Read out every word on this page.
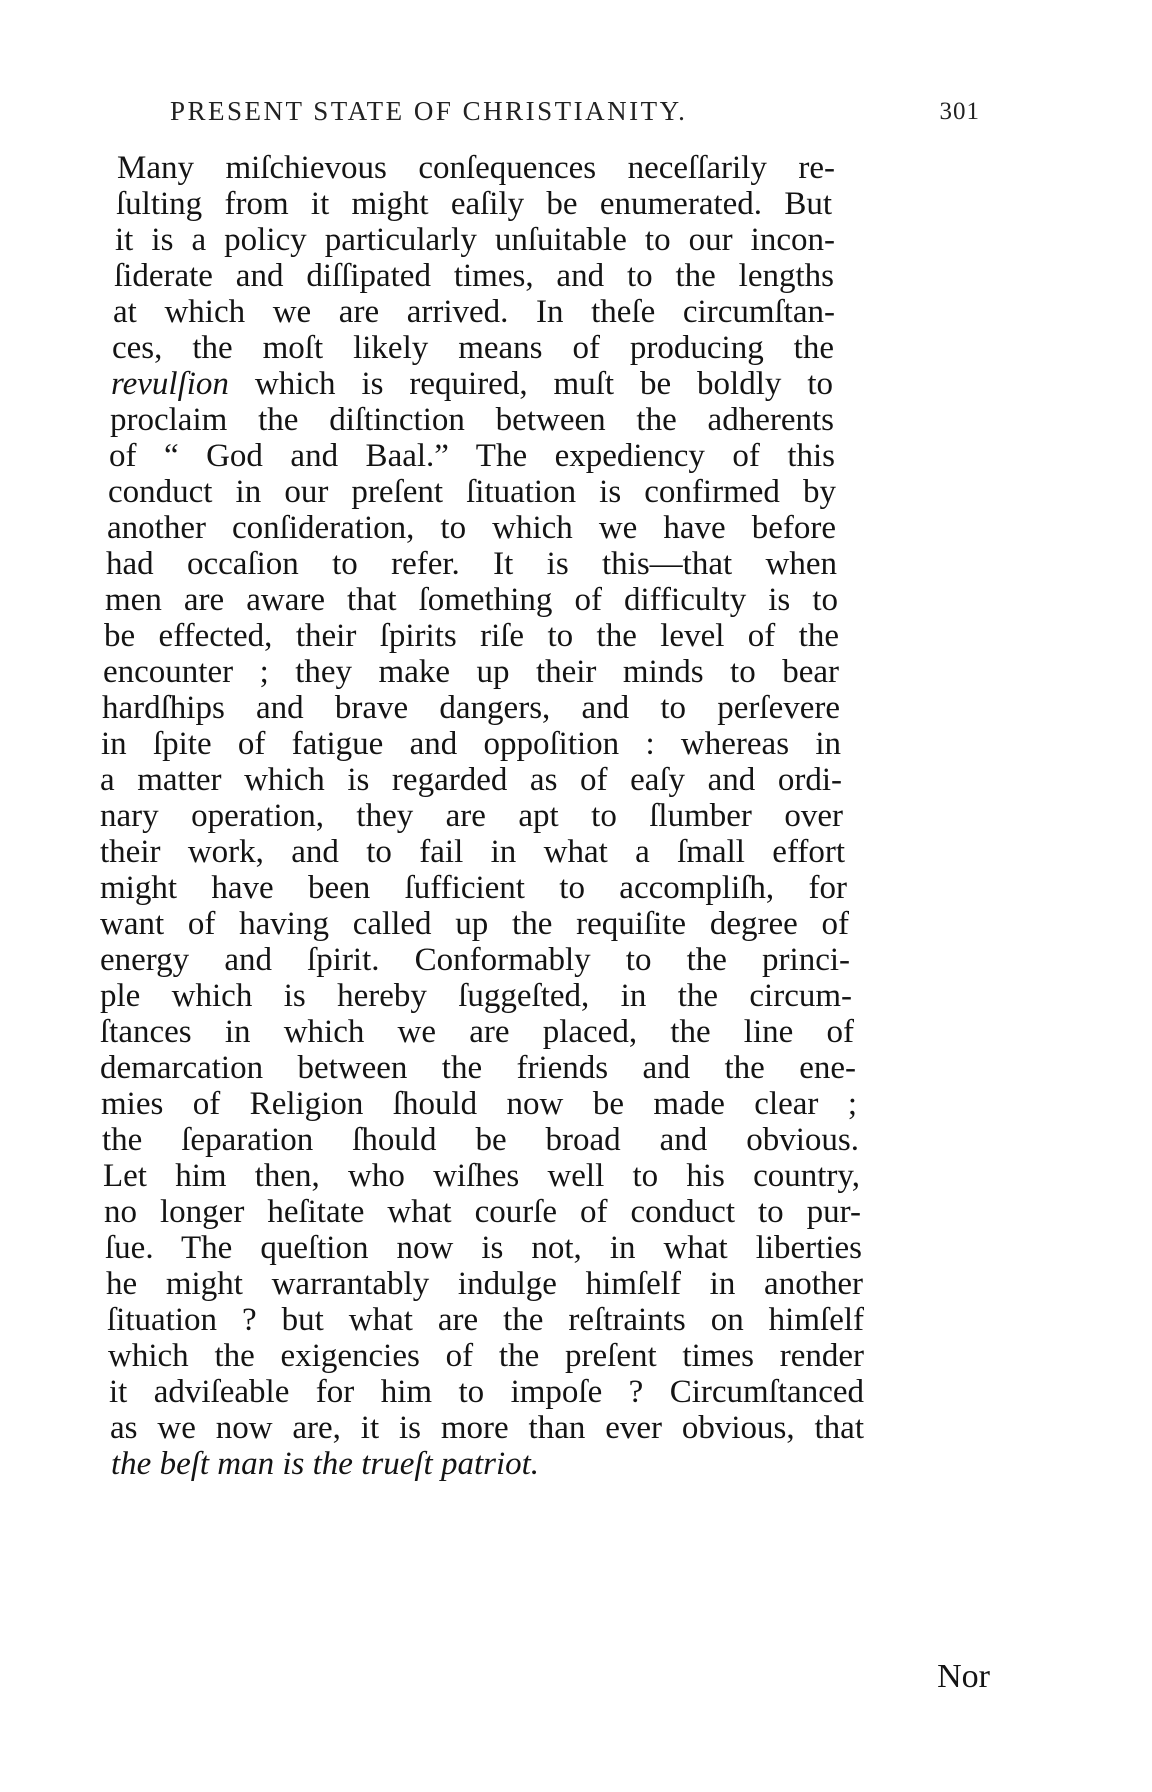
PRESENT STATE OF CHRISTIANITY.	301
Many miſchievous conſequences neceſſarily re-
ſulting from it might eaſily be enumerated. But
it is a policy particularly unſuitable to our incon-
ſiderate and diſſipated times, and to the lengths
at which we are arrived. In theſe circumſtan-
ces, the moſt likely means of producing the
revulſion which is required, muſt be boldly to
proclaim the diſtinction between the adherents
of “ God and Baal.” The expediency of this
conduct in our preſent ſituation is confirmed by
another conſideration, to which we have before
had occaſion to refer. It is this—that when
men are aware that ſomething of difficulty is to
be effected, their ſpirits riſe to the level of the
encounter ; they make up their minds to bear
hardſhips and brave dangers, and to perſevere
in ſpite of fatigue and oppoſition : whereas in
a matter which is regarded as of eaſy and ordi-
nary operation, they are apt to ſlumber over
their work, and to fail in what a ſmall effort
might have been ſufficient to accompliſh, for
want of having called up the requiſite degree of
energy and ſpirit. Conformably to the princi-
ple which is hereby ſuggeſted, in the circum-
ſtances in which we are placed, the line of
demarcation between the friends and the ene-
mies of Religion ſhould now be made clear ;
the ſeparation ſhould be broad and obvious.
Let him then, who wiſhes well to his country,
no longer heſitate what courſe of conduct to pur-
ſue. The queſtion now is not, in what liberties
he might warrantably indulge himſelf in another
ſituation ? but what are the reſtraints on himſelf
which the exigencies of the preſent times render
it adviſeable for him to impoſe ? Circumſtanced
as we now are, it is more than ever obvious, that
the beſt man is the trueſt patriot.
Nor
